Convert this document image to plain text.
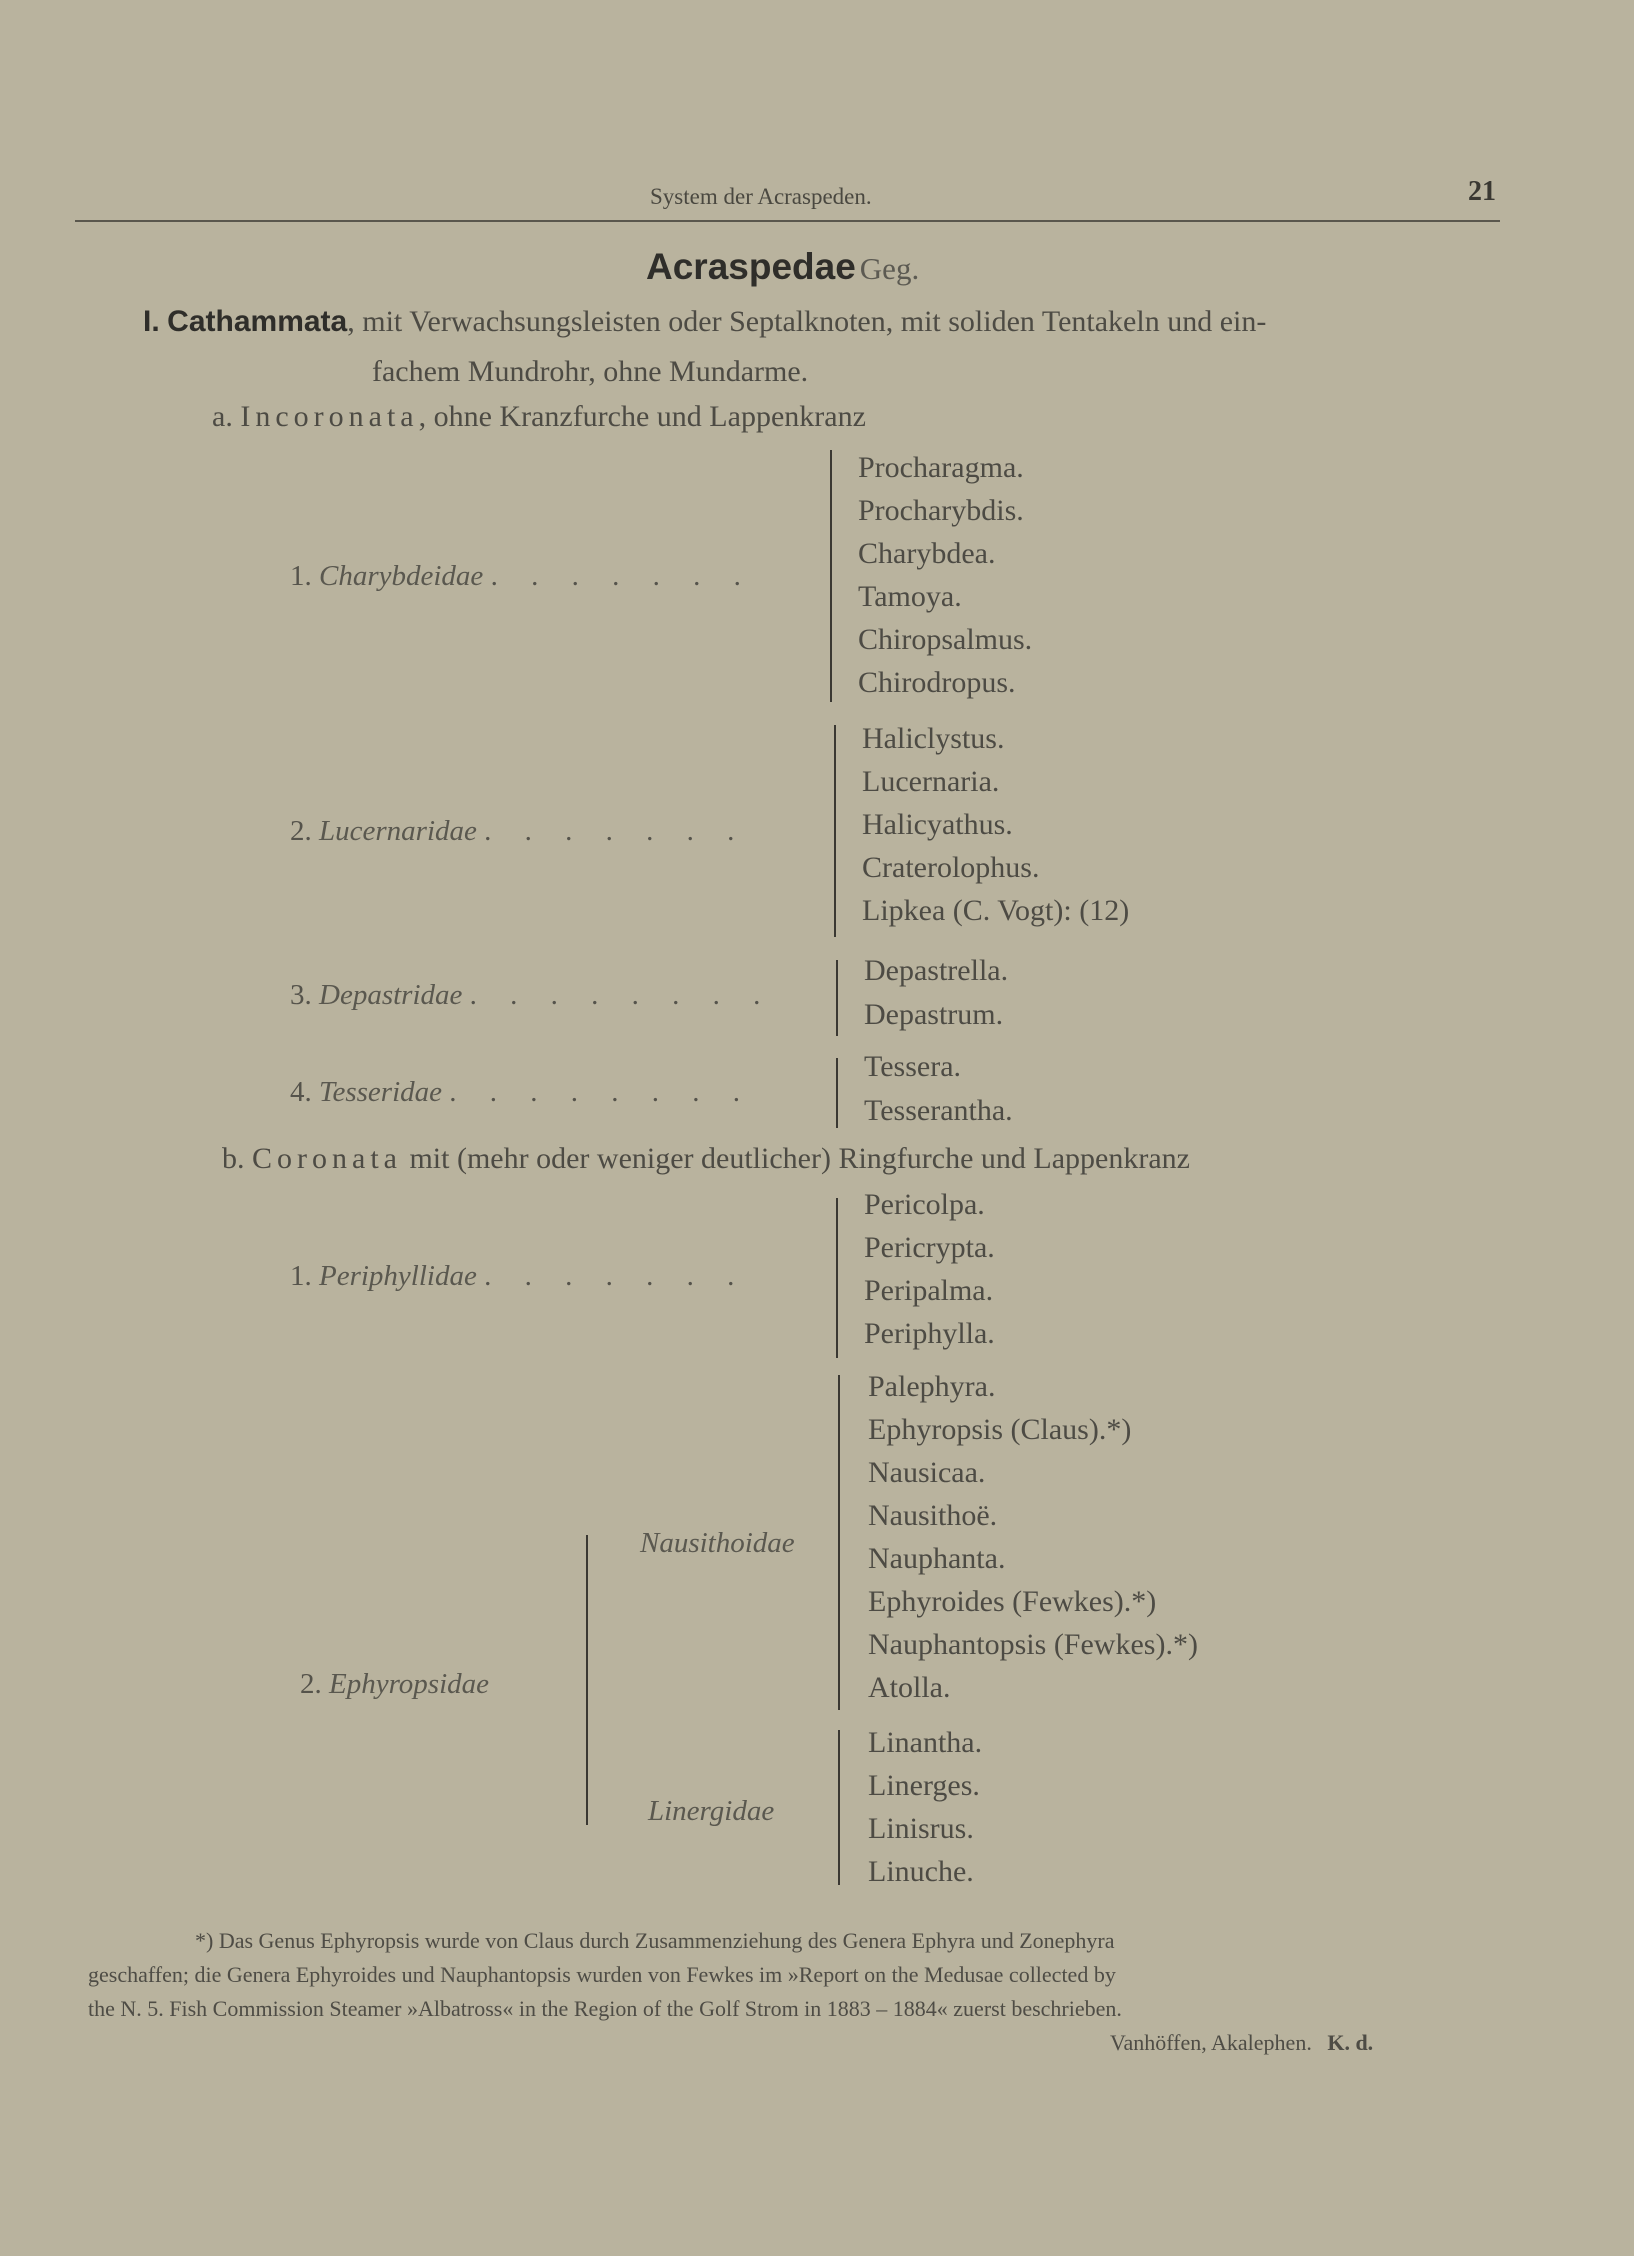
System der Acraspeden.	21
Acraspedae Geg.
I. Cathammata, mit Verwachsungsleisten oder Septalknoten, mit soliden Tentakeln und ein-
fachem Mundrohr, ohne Mundarme.
a. Incoronata, ohne Kranzfurche und Lappenkranz
1. Charybdeidae . . . . . . .
Procharagma.
Procharybdis.
Charybdea.
Tamoya.
Chiropsalmus.
Chirodropus.
2. Lucernaridae . . . . . . .
Haliclystus.
Lucernaria.
Halicyathus.
Craterolophus.
Lipkea (C. Vogt): (12)
3. Depastridae . . . . . . . .
Depastrella.
Depastrum.
4. Tesseridae . . . . . . . .
Tessera.
Tesserantha.
b. Coronata mit (mehr oder weniger deutlicher) Ringfurche und Lappenkranz
1. Periphyllidae . . . . . . .
Pericolpa.
Pericrypta.
Peripalma.
Periphylla.
2. Ephyropsidae
Nausithoidae
Palephyra.
Ephyropsis (Claus).*)
Nausicaa.
Nausithoë.
Nauphanta.
Ephyroides (Fewkes).*)
Nauphantopsis (Fewkes).*)
Atolla.
Linergidae
Linantha.
Linerges.
Linisrus.
Linuche.
*) Das Genus Ephyropsis wurde von Claus durch Zusammenziehung des Genera Ephyra und Zonephyra
geschaffen; die Genera Ephyroides und Nauphantopsis wurden von Fewkes im »Report on the Medusae collected by
the N. 5. Fish Commission Steamer »Albatross« in the Region of the Golf Strom in 1883 – 1884« zuerst beschrieben.
Vanhöffen, Akalephen. K. d.
